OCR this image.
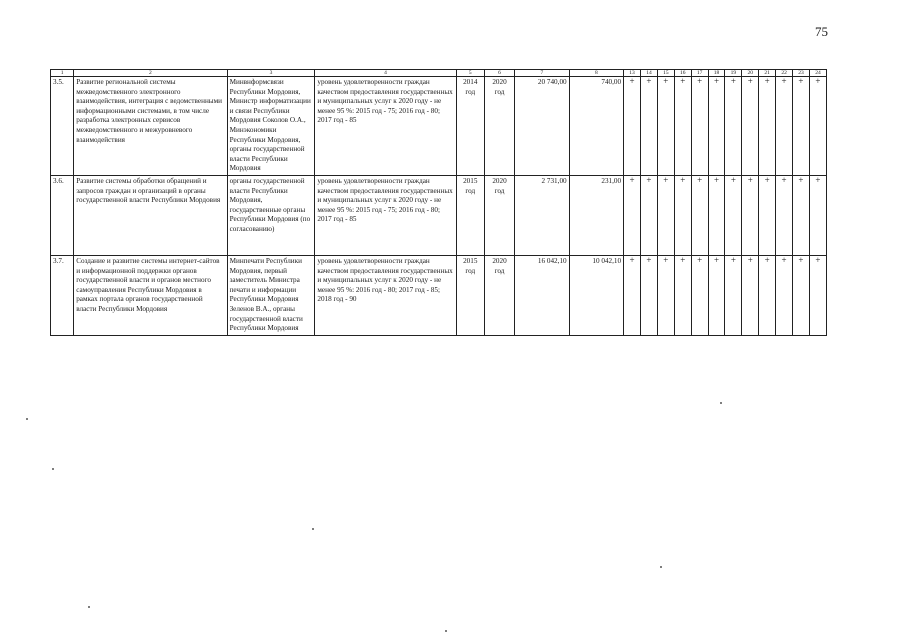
75
1	2	3	4	5	6	7	8	13	14	15	16	17	18	19	20	21	22	23	24
3.5.	Развитие региональной системы межведомственного электронного взаимодействия, интеграция с ведомственными информационными системами, в том числе разработка электронных сервисов межведомственного и межуровневого взаимодействия	Минвнформсвязи Республики Мордовия, Министр информатизации и связи Республики Мордовия Соколов О.А., Минэкономики Республики Мордовия, органы государственной власти Республики Мордовия	уровень удовлетворенности граждан качеством предоставления государственных и муниципальных услуг к 2020 году - не менее 95 %: 2015 год - 75; 2016 год - 80; 2017 год - 85	2014 год	2020 год	20 740,00	740,00	+	+	+	+	+	+	+	+	+	+	+	+
3.6.	Развитие системы обработки обращений и запросов граждан и организаций в органы государственной власти Республики Мордовия	органы государственной власти Республики Мордовия, государственные органы Республики Мордовия (по согласованию)	уровень удовлетворенности граждан качеством предоставления государственных и муниципальных услуг к 2020 году - не менее 95 %: 2015 год - 75; 2016 год - 80; 2017 год - 85	2015 год	2020 год	2 731,00	231,00	+	+	+	+	+	+	+	+	+	+	+	+
3.7.	Создание и развитие системы интернет-сайтов и информационной поддержки органов государственной власти и органов местного самоуправления Республики Мордовия в рамках портала органов государственной власти Республики Мордовия	Минпечати Республики Мордовия, первый заместитель Министра печати и информации Республики Мордовия Зеленов В.А., органы государственной власти Республики Мордовия	уровень удовлетворенности граждан качеством предоставления государственных и муниципальных услуг к 2020 году - не менее 95 %: 2016 год - 80; 2017 год - 85; 2018 год - 90	2015 год	2020 год	16 042,10	10 042,10	+	+	+	+	+	+	+	+	+	+	+	+
